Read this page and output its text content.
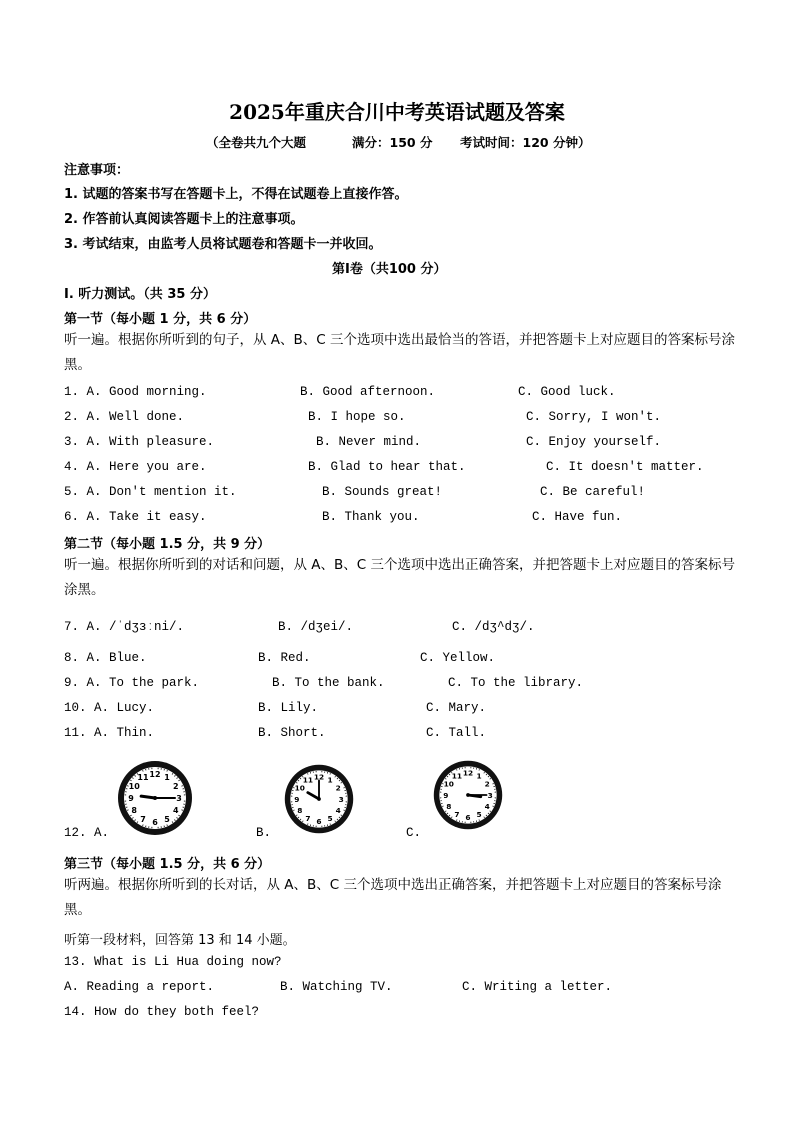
2025年重庆合川中考英语试题及答案
（全卷共九个大题	满分：150 分 考试时间：120 分钟）
注意事项：
1. 试题的答案书写在答题卡上，不得在试题卷上直接作答。
2. 作答前认真阅读答题卡上的注意事项。
3. 考试结束，由监考人员将试题卷和答题卡一并收回。
第Ⅰ卷（共100 分）
I. 听力测试。（共 35 分）
第一节（每小题 1 分，共 6 分）
听一遍。根据你所听到的句子，从 A、B、C 三个选项中选出最恰当的答语，并把答题卡上对应题目的答案标号涂黑。
1. A. Good morning.	B. Good afternoon.	C. Good luck.
2. A. Well done.	B. I hope so.	C. Sorry, I won't.
3. A. With pleasure.	B. Never mind.	C. Enjoy yourself.
4. A. Here you are.	B. Glad to hear that.	C. It doesn't matter.
5. A. Don't mention it.	B. Sounds great!	C. Be careful!
6. A. Take it easy.	B. Thank you.	C. Have fun.
第二节（每小题 1.5 分，共 9 分）
听一遍。根据你所听到的对话和问题，从 A、B、C 三个选项中选出正确答案，并把答题卡上对应题目的答案标号涂黑。
7. A. /ˈdʒɜːni/.	B. /dʒei/.	C. /dʒ^dʒ/.
8. A. Blue.	B. Red.	C. Yellow.
9. A. To the park.	B. To the bank.	C. To the library.
10. A. Lucy.	B. Lily.	C. Mary.
11. A. Thin.	B. Short.	C. Tall.
12. A.	B.	C.
1
2
3
4
5
6
7
8
9
10
11 12
1
2
3
4
5
6
7
8
9
10
11 12	1
2
3
4
5
6
7
8
9
10
11 12
第三节（每小题 1.5 分，共 6 分）
听两遍。根据你所听到的长对话，从 A、B、C 三个选项中选出正确答案，并把答题卡上对应题目的答案标号涂黑。
听第一段材料，回答第 13 和 14 小题。
13. What is Li Hua doing now?
A. Reading a report.	B. Watching TV.	C. Writing a letter.
14. How do they both feel?
